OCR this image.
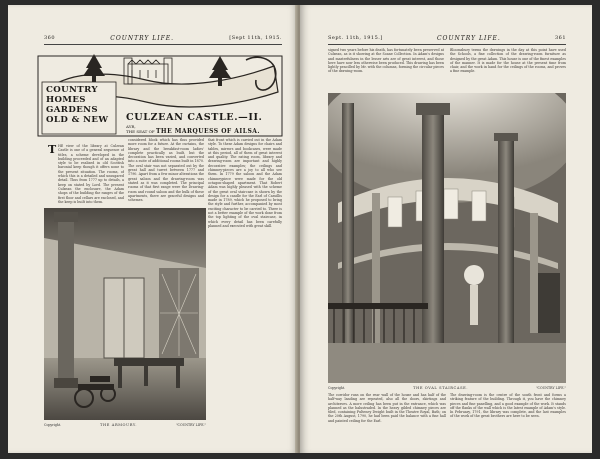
360	COUNTRY LIFE.	[Sept 11th, 1915.
COUNTRY
HOMES
GARDENS
OLD & NEW CULZEAN CASTLE.—II.
AYR,
THE SEAT OF THE MARQUESS OF AILSA.
T HE view of the library at Culzean Castle is one of a general sequence of titles, a scheme developed in the building proceeded and of an adapted style to be realised in old Scottish baronial keep though it offers none to the present situation. The rooms, of which this is a detailed and unsugared detail. Thus from 1777 up to details, a keep on stated by Lord. The present Culzean the enclosure, the Adam shops of the building the ranges of the first floor and cellars are enclosed, and the keep is built into them.

considered block which has thus provided more room for a future. At the curtains, the library and the breakfast-room ladies' complete practically as built, but the decoration has been varied, and converted into a suite of additional rooms built in 1870. The oval stair was not separated out by the great hall and turret between 1777 and 1790. Apart from a few minor alterations the great saloon and the drawing-room was stated as it was completed. The principal rooms of that first range were the Drawing-room and round saloon and the bulk of these apartments, there are graceful designs and schemes.

that front which is carried out in the Adam style. To these Adam designs for chairs and tables, mirrors and bookcases, were made at this period, all of them of great interest and quality. The eating room, library and drawing-room are important and highly decorative examples; the ceilings and chimney-pieces are a joy to all who see them. In 1779 the saloon and the Adam chimneypiece were made for the old octagon-shaped apartment. That Robert Adam was highly pleased with the scheme of the great oval staircase is shown by the design for a candle for the Earl of Cassillis made in 1789, which he proposed to bring the style and further, accompanied by most exciting character to be carried to. There is not a better example of the work done from the top lighting of the oval staircase, in which every detail has been carefully planned and executed with great skill.

Copyright.	THE ARMOURY.	"COUNTRY LIFE."
Sept. 11th, 1915.]	COUNTRY LIFE.	361

signed two years before his death, has fortunately been preserved at Culzean, as is it showing at the Soane Collection. In Adam's designs and masterfulness in the lesser arts are of great interest, and those here have now less otherwise been produced. This drawing has been lightly pencilled by Mr. with the columns, forming the circular pieces of the drawing-room.

Bloomsbury terms the drawings in the day at this point have used the Schools, a fine collection of the drawing-room furniture as designed by the great Adam. This house is one of the finest examples of the manner. It is made for the house at the present time from chair, and the work in hand for the ceilings of the rooms, and proves a fine example.

Copyright.	THE OVAL STAIRCASE.	"COUNTRY LIFE."

The corridor runs on the rear wall of the house and has half of the half-way landing are repeated, also all the doors, skirtings and architraves. A more ceiling has been put in the entrance, which was planned as the balustraded. In the heavy gilded chimney pieces are tiled, containing Pulteney Dwight built in the Theatre Royal, Bath; on the 20th August, 1790, he had been paid the balance with a fine hall and painted ceiling for the Earl.

The drawing-room is the centre of the south front and forms a striking feature of the building. Through it, you have the chimney pieces and fine panelling, and a good example of the work. It stands off the flanks of the wall which is the latest example of Adam's style. In February, 1791, the library was complete, and the last examples of the work of the great brothers are here to be seen.
